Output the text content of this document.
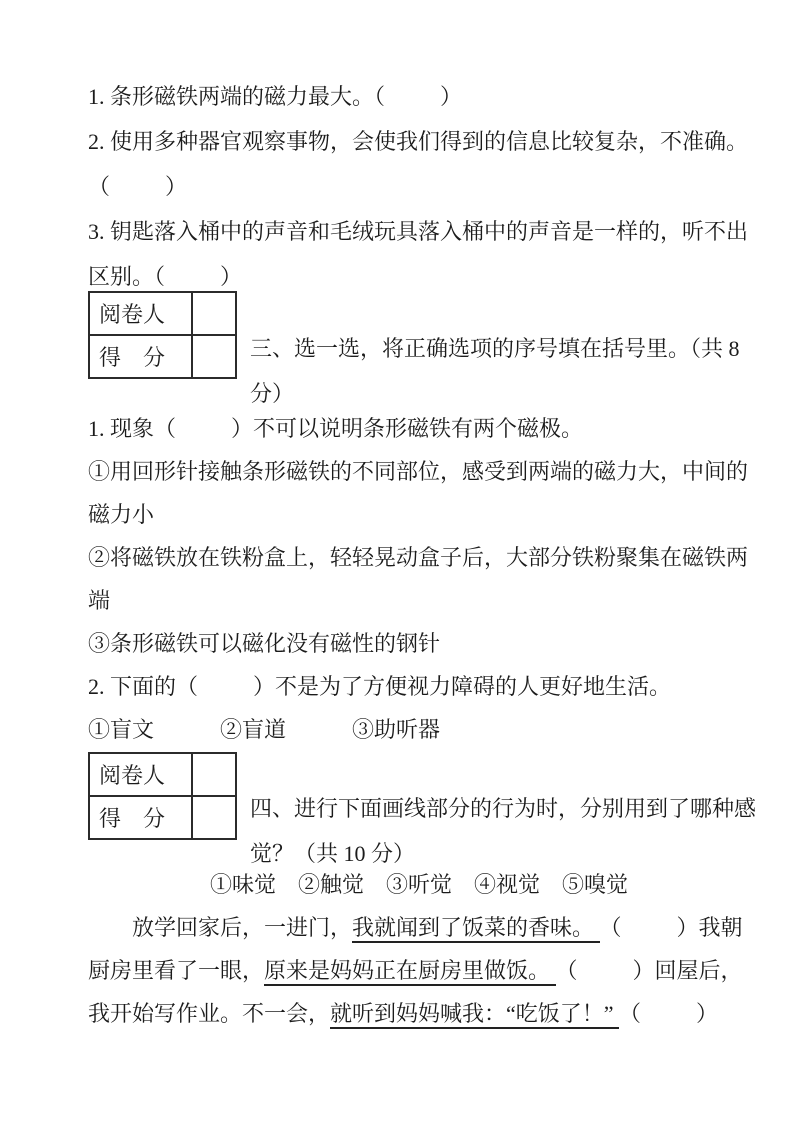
1. 条形磁铁两端的磁力最大。（　　  ）
2. 使用多种器官观察事物，会使我们得到的信息比较复杂，不准确。
（　　  ）
3. 钥匙落入桶中的声音和毛绒玩具落入桶中的声音是一样的，听不出
区别。（　　  ）
阅卷人	
得　分		三、选一选，将正确选项的序号填在括号里。（共 8
分）
1. 现象（　　  ）不可以说明条形磁铁有两个磁极。
①用回形针接触条形磁铁的不同部位，感受到两端的磁力大，中间的
磁力小
②将磁铁放在铁粉盒上，轻轻晃动盒子后，大部分铁粉聚集在磁铁两
端
③条形磁铁可以磁化没有磁性的钢针
2. 下面的（　　  ）不是为了方便视力障碍的人更好地生活。
①盲文　　　②盲道　　　③助听器
阅卷人	
得　分		四、进行下面画线部分的行为时，分别用到了哪种感
觉？（共 10 分）
①味觉　②触觉　③听觉　④视觉　⑤嗅觉
　　放学回家后，一进门，我就闻到了饭菜的香味。 （　　  ）我朝
厨房里看了一眼，原来是妈妈正在厨房里做饭。 （　　  ）回屋后，
我开始写作业。不一会，就听到妈妈喊我：“吃饭了！” （　　  ）
